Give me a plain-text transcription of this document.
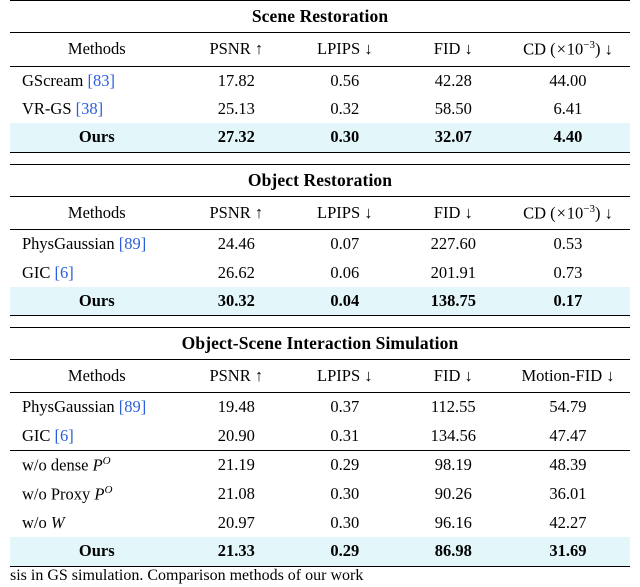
Scene Restoration				

Methods	PSNR ↑	LPIPS ↓	FID ↓	CD $(\times 10^{-3})$ ↓

GScream [83]	17.82	0.56	42.28	44.00
VR-GS [38]	25.13	0.32	58.50	6.41
Ours	27.32	0.30	32.07	4.40

Object Restoration				

Methods	PSNR ↑	LPIPS ↓	FID ↓	CD $(\times 10^{-3})$ ↓

PhysGaussian [89]	24.46	0.07	227.60	0.53
GIC [6]	26.62	0.06	201.91	0.73
Ours	30.32	0.04	138.75	0.17

Object-Scene Interaction Simulation				

Methods	PSNR ↑	LPIPS ↓	FID ↓	Motion-FID ↓

PhysGaussian [89]	19.48	0.37	112.55	54.79
GIC [6]	20.90	0.31	134.56	47.47

w/o dense $P^O$	21.19	0.29	98.19	48.39
w/o Proxy $P^O$	21.08	0.30	90.26	36.01
w/o W	20.97	0.30	96.16	42.27
Ours	21.33	0.29	86.98	31.69

sis in GS simulation. Comparison methods of our work
